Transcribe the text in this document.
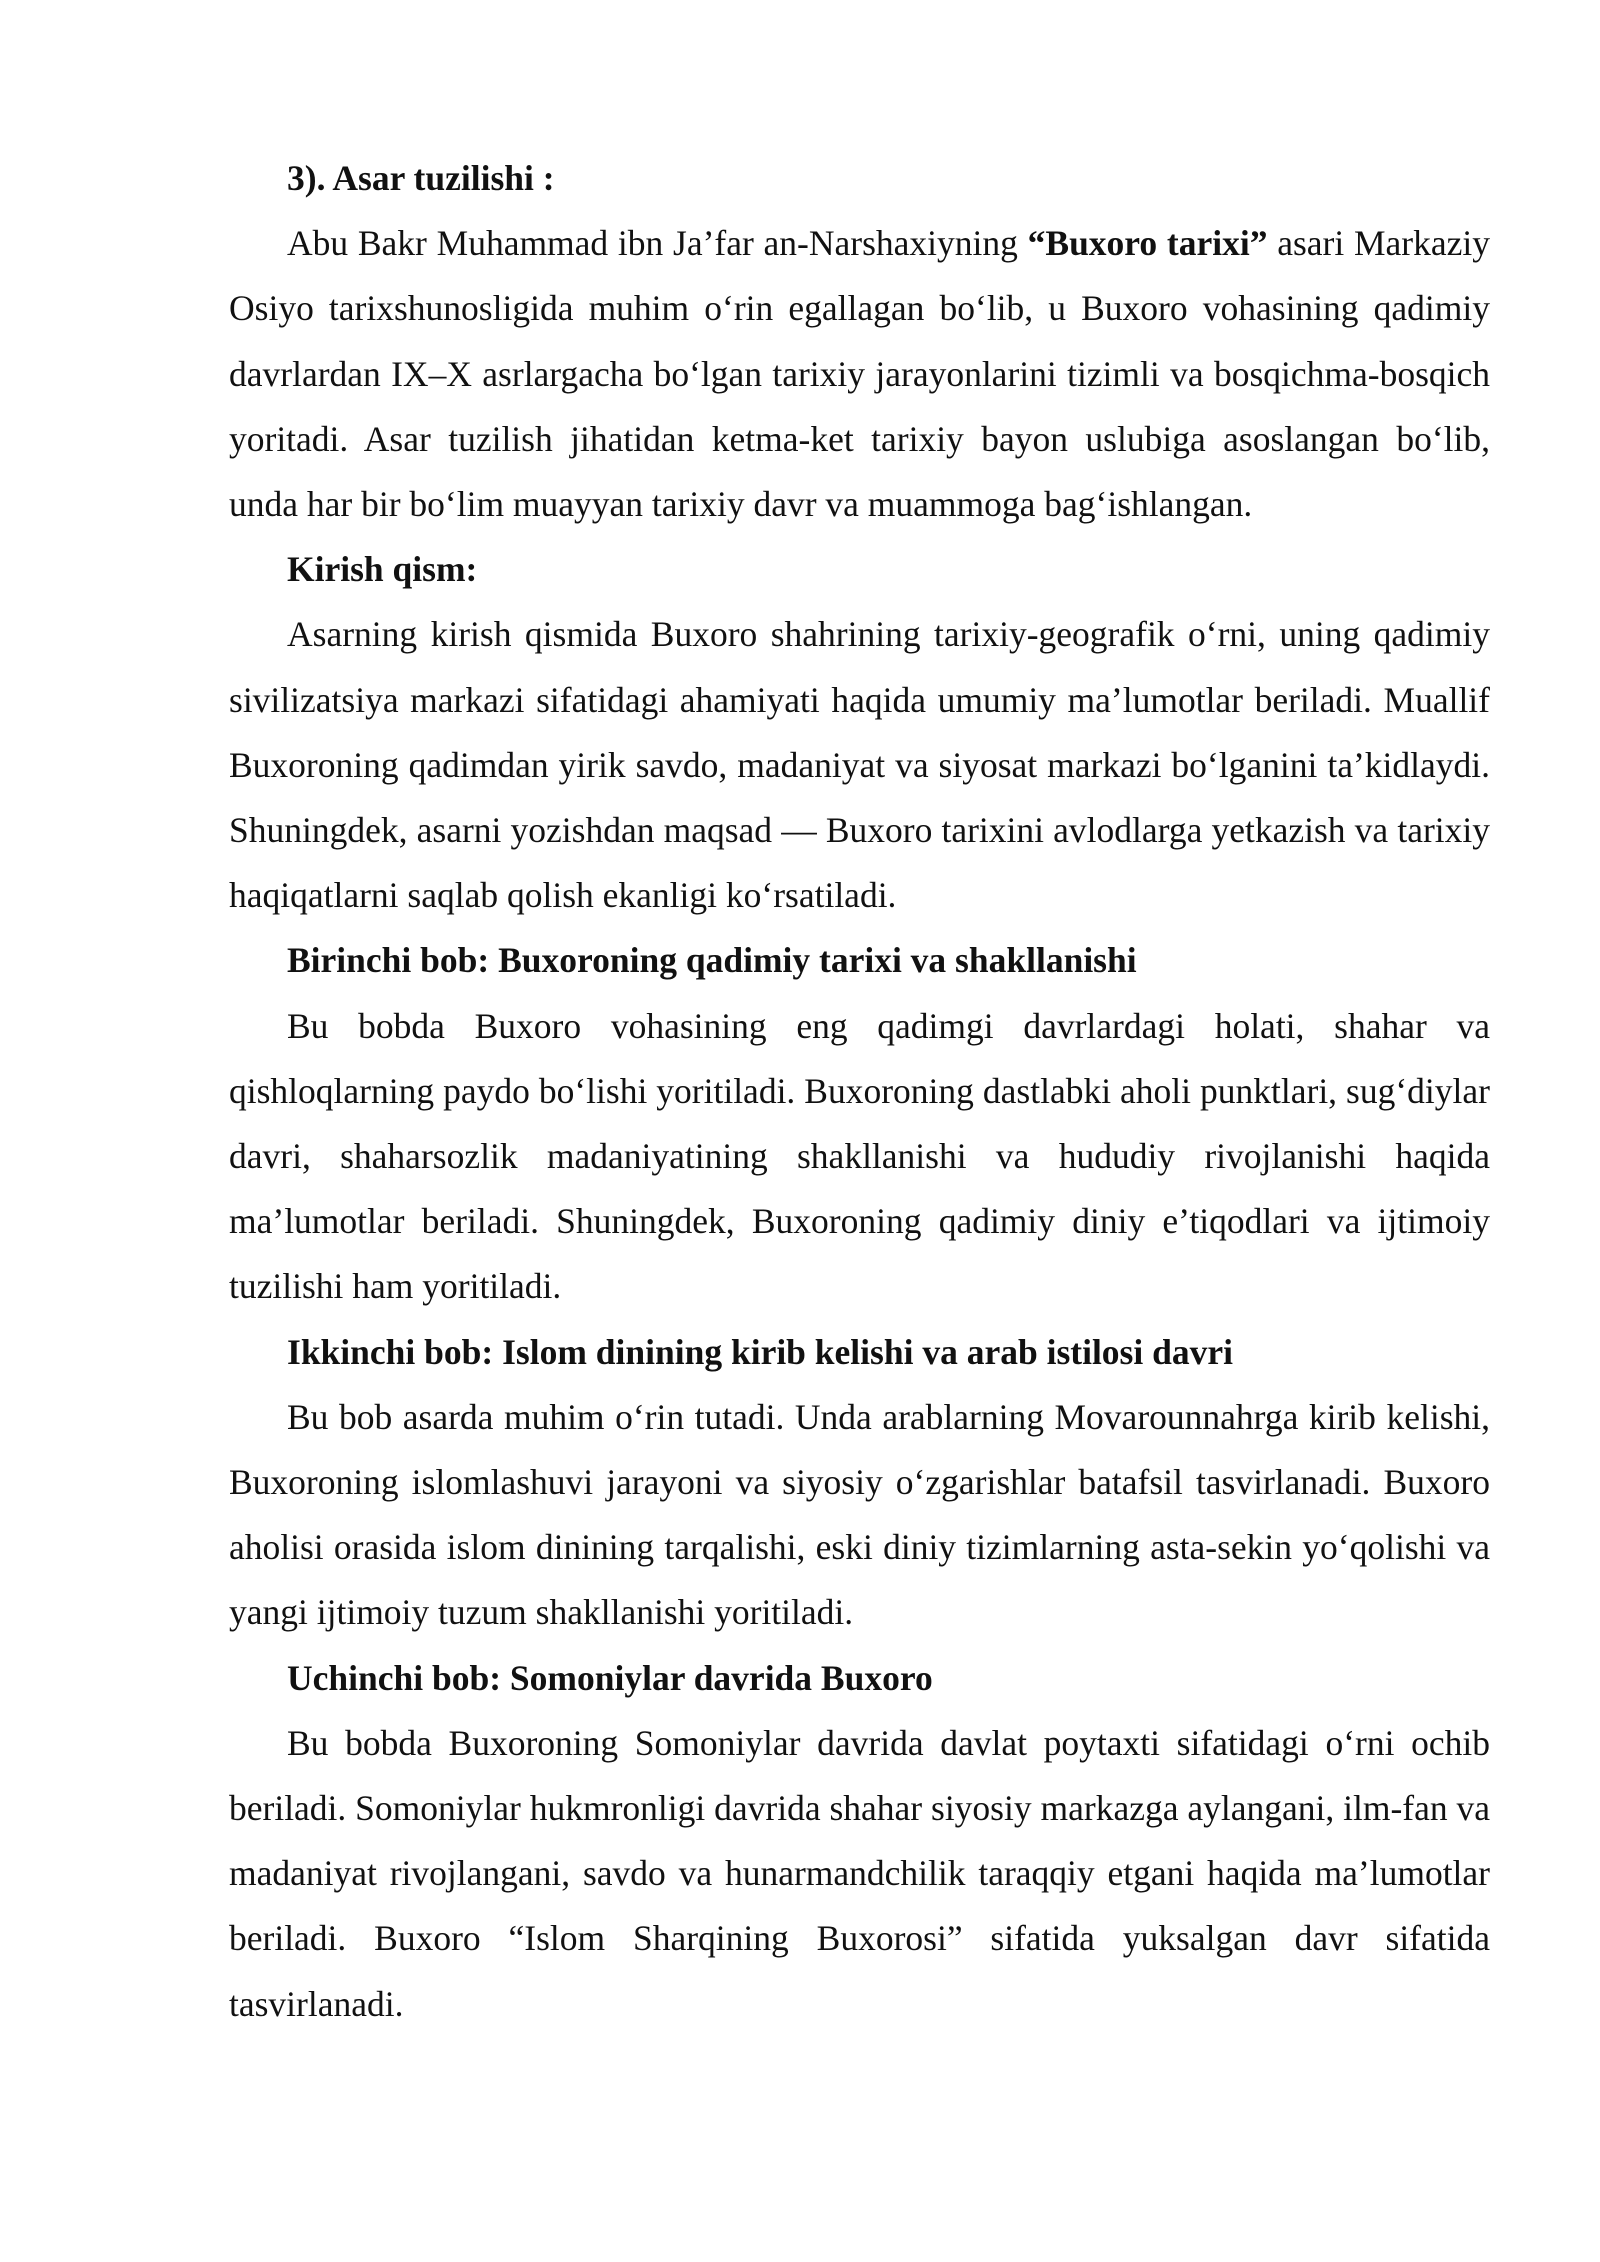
3). Asar tuzilishi :

Abu Bakr Muhammad ibn Ja’far an-Narshaxiyning “Buxoro tarixi” asari Markaziy Osiyo tarixshunosligida muhim o‘rin egallagan bo‘lib, u Buxoro vohasining qadimiy davrlardan IX–X asrlargacha bo‘lgan tarixiy jarayonlarini tizimli va bosqichma-bosqich yoritadi. Asar tuzilish jihatidan ketma-ket tarixiy bayon uslubiga asoslangan bo‘lib, unda har bir bo‘lim muayyan tarixiy davr va muammoga bag‘ishlangan.

Kirish qism:

Asarning kirish qismida Buxoro shahrining tarixiy-geografik o‘rni, uning qadimiy sivilizatsiya markazi sifatidagi ahamiyati haqida umumiy ma’lumotlar beriladi. Muallif Buxoroning qadimdan yirik savdo, madaniyat va siyosat markazi bo‘lganini ta’kidlaydi. Shuningdek, asarni yozishdan maqsad — Buxoro tarixini avlodlarga yetkazish va tarixiy haqiqatlarni saqlab qolish ekanligi ko‘rsatiladi.

Birinchi bob: Buxoroning qadimiy tarixi va shakllanishi

Bu bobda Buxoro vohasining eng qadimgi davrlardagi holati, shahar va qishloqlarning paydo bo‘lishi yoritiladi. Buxoroning dastlabki aholi punktlari, sug‘diylar davri, shaharsozlik madaniyatining shakllanishi va hududiy rivojlanishi haqida ma’lumotlar beriladi. Shuningdek, Buxoroning qadimiy diniy e’tiqodlari va ijtimoiy tuzilishi ham yoritiladi.

Ikkinchi bob: Islom dinining kirib kelishi va arab istilosi davri

Bu bob asarda muhim o‘rin tutadi. Unda arablarning Movarounnahrga kirib kelishi, Buxoroning islomlashuvi jarayoni va siyosiy o‘zgarishlar batafsil tasvirlanadi. Buxoro aholisi orasida islom dinining tarqalishi, eski diniy tizimlarning asta-sekin yo‘qolishi va yangi ijtimoiy tuzum shakllanishi yoritiladi.

Uchinchi bob: Somoniylar davrida Buxoro

Bu bobda Buxoroning Somoniylar davrida davlat poytaxti sifatidagi o‘rni ochib beriladi. Somoniylar hukmronligi davrida shahar siyosiy markazga aylangani, ilm-fan va madaniyat rivojlangani, savdo va hunarmandchilik taraqqiy etgani haqida ma’lumotlar beriladi. Buxoro “Islom Sharqining Buxorosi” sifatida yuksalgan davr sifatida tasvirlanadi.
